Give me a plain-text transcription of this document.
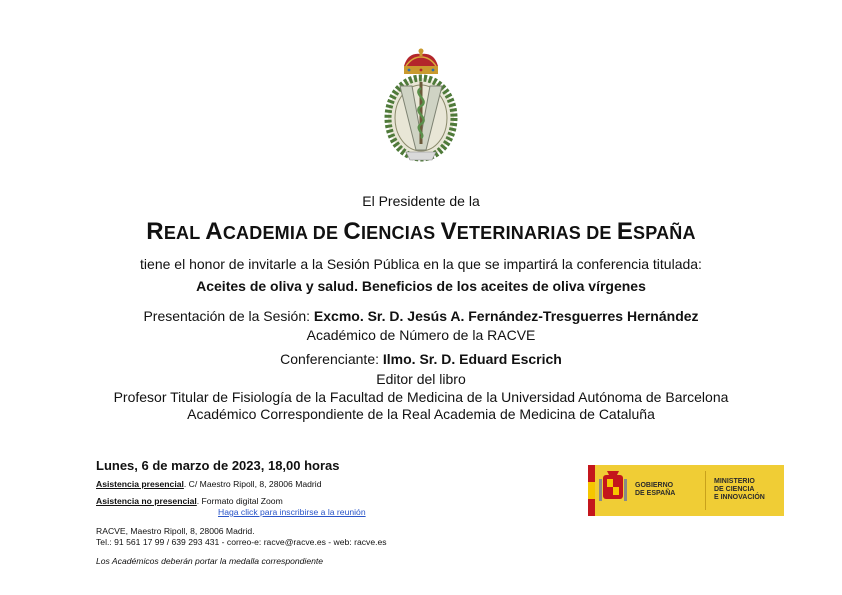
El Presidente de la
REAL ACADEMIA DE CIENCIAS VETERINARIAS DE ESPAÑA
tiene el honor de invitarle a la Sesión Pública en la que se impartirá la conferencia titulada:
Aceites de oliva y salud. Beneficios de los aceites de oliva vírgenes
Presentación de la Sesión: Excmo. Sr. D. Jesús A. Fernández-Tresguerres Hernández
Académico de Número de la RACVE
Conferenciante: Ilmo. Sr. D. Eduard Escrich
Editor del libro
Profesor Titular de Fisiología de la Facultad de Medicina de la Universidad Autónoma de Barcelona
Académico Correspondiente de la Real Academia de Medicina de Cataluña
Lunes, 6 de marzo de 2023, 18,00 horas
Asistencia presencial. C/ Maestro Ripoll, 8, 28006 Madrid
Asistencia no presencial. Formato digital Zoom
Haga click para inscribirse a la reunión
RACVE, Maestro Ripoll, 8, 28006 Madrid.
Tel.: 91 561 17 99 / 639 293 431 - correo-e: racve@racve.es - web: racve.es
Los Académicos deberán portar la medalla correspondiente
GOBIERNO
DE ESPAÑA
MINISTERIO
DE CIENCIA
E INNOVACIÓN
